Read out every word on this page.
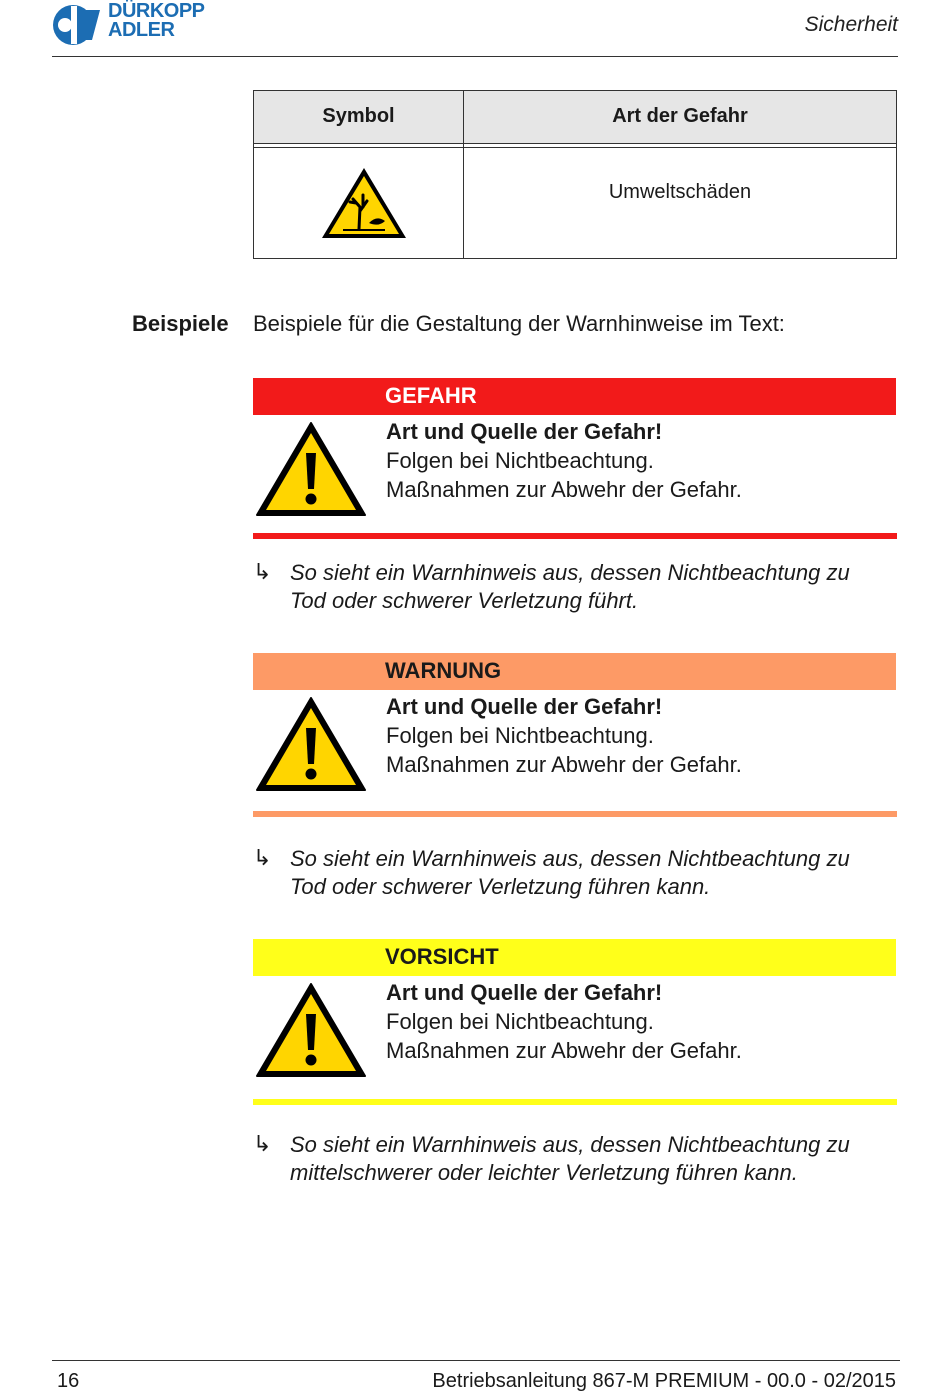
DÜRKOPP
ADLER	Sicherheit
Symbol	Art der Gefahr
Umweltschäden
Beispiele Beispiele für die Gestaltung der Warnhinweise im Text:
GEFAHR
Art und Quelle der Gefahr!
Folgen bei Nichtbeachtung.
Maßnahmen zur Abwehr der Gefahr.
↳ So sieht ein Warnhinweis aus, dessen Nichtbeachtung zu
Tod oder schwerer Verletzung führt.
WARNUNG
Art und Quelle der Gefahr!
Folgen bei Nichtbeachtung.
Maßnahmen zur Abwehr der Gefahr.
↳ So sieht ein Warnhinweis aus, dessen Nichtbeachtung zu
Tod oder schwerer Verletzung führen kann.
VORSICHT
Art und Quelle der Gefahr!
Folgen bei Nichtbeachtung.
Maßnahmen zur Abwehr der Gefahr.
↳ So sieht ein Warnhinweis aus, dessen Nichtbeachtung zu
mittelschwerer oder leichter Verletzung führen kann.
16	Betriebsanleitung 867-M PREMIUM - 00.0 - 02/2015
